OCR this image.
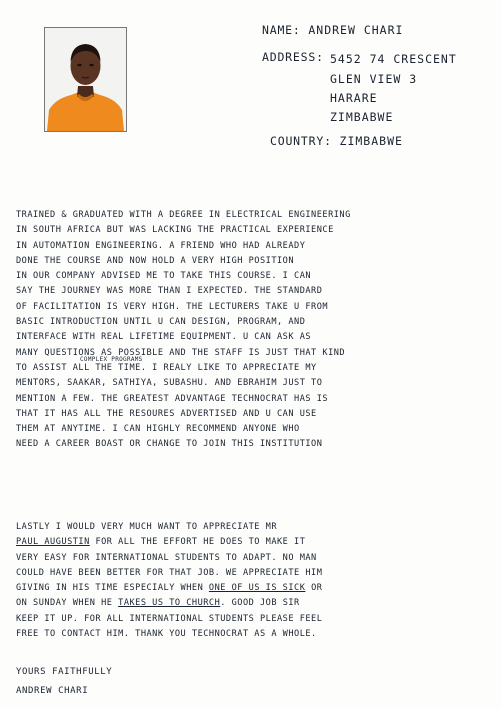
NAME: ANDREW CHARI
ADDRESS: 5452 74 CRESCENT
GLEN VIEW 3
HARARE
ZIMBABWE
COUNTRY: ZIMBABWE
TRAINED & GRADUATED WITH A DEGREE IN ELECTRICAL ENGINEERING
IN SOUTH AFRICA BUT WAS LACKING THE PRACTICAL EXPERIENCE
IN AUTOMATION ENGINEERING. A FRIEND WHO HAD ALREADY
DONE THE COURSE AND NOW HOLD A VERY HIGH POSITION
IN OUR COMPANY ADVISED ME TO TAKE THIS COURSE. I CAN
SAY THE JOURNEY WAS MORE THAN I EXPECTED. THE STANDARD
OF FACILITATION IS VERY HIGH. THE LECTURERS TAKE U FROM
BASIC INTRODUCTION UNTIL U CAN DESIGN, PROGRAM, AND
INTERFACE WITH REAL LIFETIME EQUIPMENT. U CAN ASK AS
MANY QUESTIONS AS POSSIBLE AND THE STAFF IS JUST THAT KIND
TO ASSIST ALL THE TIME. I REALY LIKE TO APPRECIATE MY
MENTORS, SAAKAR, SATHIYA, SUBASHU. AND EBRAHIM JUST TO
MENTION A FEW. THE GREATEST ADVANTAGE TECHNOCRAT HAS IS
THAT IT HAS ALL THE RESOURES ADVERTISED AND U CAN USE
THEM AT ANYTIME. I CAN HIGHLY RECOMMEND ANYONE WHO
NEED A CAREER BOAST OR CHANGE TO JOIN THIS INSTITUTION
COMPLEX PROGRAMS
LASTLY I WOULD VERY MUCH WANT TO APPRECIATE MR
PAUL AUGUSTIN FOR ALL THE EFFORT HE DOES TO MAKE IT
VERY EASY FOR INTERNATIONAL STUDENTS TO ADAPT. NO MAN
COULD HAVE BEEN BETTER FOR THAT JOB. WE APPRECIATE HIM
GIVING IN HIS TIME ESPECIALY WHEN ONE OF US IS SICK OR
ON SUNDAY WHEN HE TAKES US TO CHURCH. GOOD JOB SIR
KEEP IT UP. FOR ALL INTERNATIONAL STUDENTS PLEASE FEEL
FREE TO CONTACT HIM. THANK YOU TECHNOCRAT AS A WHOLE.
YOURS FAITHFULLY
ANDREW CHARI
